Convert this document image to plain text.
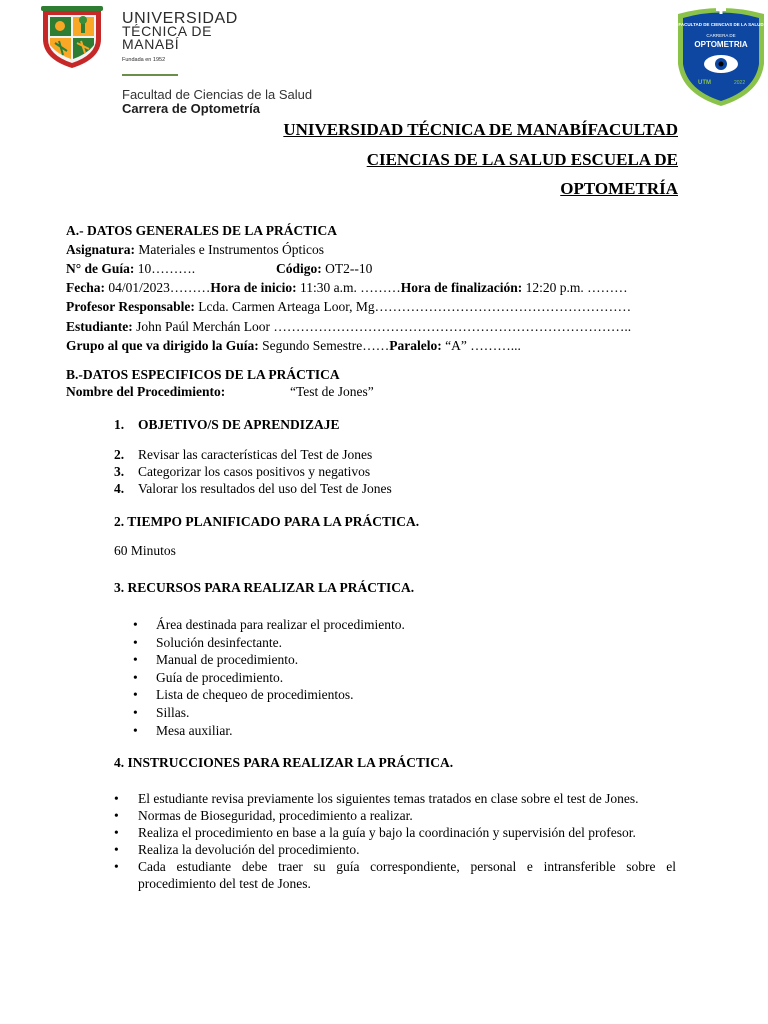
UNIVERSIDAD
TÉCNICA DE
MANABÍ
Fundada en 1952
Facultad de Ciencias de la Salud
Carrera de Optometría
FACULTAD DE CIENCIAS DE LA SALUD
CARRERA DE
OPTOMETRIA
UTM	2022
UNIVERSIDAD TÉCNICA DE MANABÍFACULTAD
CIENCIAS DE LA SALUD ESCUELA DE
OPTOMETRÍA
A.- DATOS GENERALES DE LA PRÁCTICA
Asignatura: Materiales e Instrumentos Ópticos
N° de Guía: 10……….	Código: OT2--10
Fecha: 04/01/2023………Hora de inicio: 11:30 a.m. ………Hora de finalización: 12:20 p.m. ………
Profesor Responsable: Lcda. Carmen Arteaga Loor, Mg…………………………………………………
Estudiante: John Paúl Merchán Loor ……………………………………………………………………..
Grupo al que va dirigido la Guía: Segundo Semestre……Paralelo: “A” ………...
B.-DATOS ESPECIFICOS DE LA PRÁCTICA
Nombre del Procedimiento:	“Test de Jones”
1. OBJETIVO/S DE APRENDIZAJE
2. Revisar las características del Test de Jones
3. Categorizar los casos positivos y negativos
4. Valorar los resultados del uso del Test de Jones
2. TIEMPO PLANIFICADO PARA LA PRÁCTICA.
60 Minutos
3. RECURSOS PARA REALIZAR LA PRÁCTICA.
• Área destinada para realizar el procedimiento.
• Solución desinfectante.
• Manual de procedimiento.
• Guía de procedimiento.
• Lista de chequeo de procedimientos.
• Sillas.
• Mesa auxiliar.
4. INSTRUCCIONES PARA REALIZAR LA PRÁCTICA.
• El estudiante revisa previamente los siguientes temas tratados en clase sobre el test de Jones.
• Normas de Bioseguridad, procedimiento a realizar.
• Realiza el procedimiento en base a la guía y bajo la coordinación y supervisión del profesor.
• Realiza la devolución del procedimiento.
• Cada estudiante debe traer su guía correspondiente, personal e intransferible sobre el procedimiento del test de Jones.
